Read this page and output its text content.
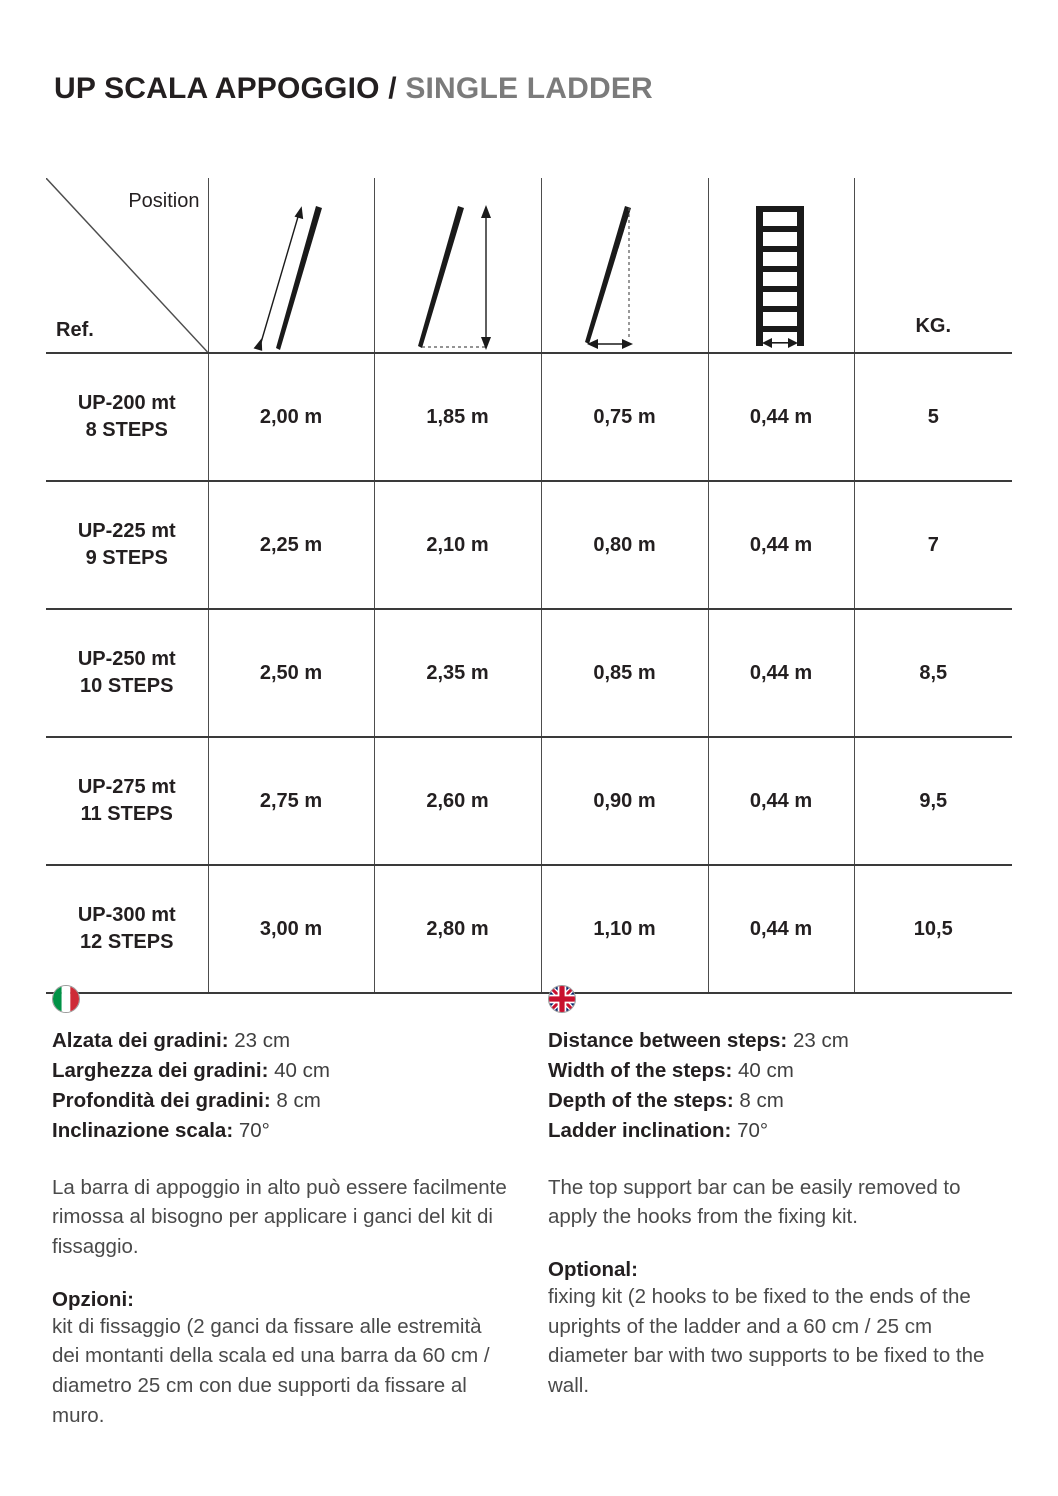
UP SCALA APPOGGIO / SINGLE LADDER
Position
Ref.					KG.

UP-200 mt
8 STEPS	2,00 m	1,85 m	0,75 m	0,44 m	5

UP-225 mt
9 STEPS	2,25 m	2,10 m	0,80 m	0,44 m	7

UP-250 mt
10 STEPS	2,50 m	2,35 m	0,85 m	0,44 m	8,5

UP-275 mt
11 STEPS	2,75 m	2,60 m	0,90 m	0,44 m	9,5

UP-300 mt
12 STEPS	3,00 m	2,80 m	1,10 m	0,44 m	10,5
Alzata dei gradini: 23 cm
Larghezza dei gradini: 40 cm
Profondità dei gradini: 8 cm
Inclinazione scala: 70°
La barra di appoggio in alto può essere facilmente rimossa al bisogno per applicare i ganci del kit di fissaggio.
Opzioni:
kit di fissaggio (2 ganci da fissare alle estremità dei montanti della scala ed una barra da 60 cm / diametro 25 cm con due supporti da fissare al muro.
Distance between steps: 23 cm
Width of the steps: 40 cm
Depth of the steps: 8 cm
Ladder inclination: 70°
The top support bar can be easily removed to apply the hooks from the fixing kit.
Optional:
fixing kit (2 hooks to be fixed to the ends of the uprights of the ladder and a 60 cm / 25 cm diameter bar with two supports to be fixed to the wall.
